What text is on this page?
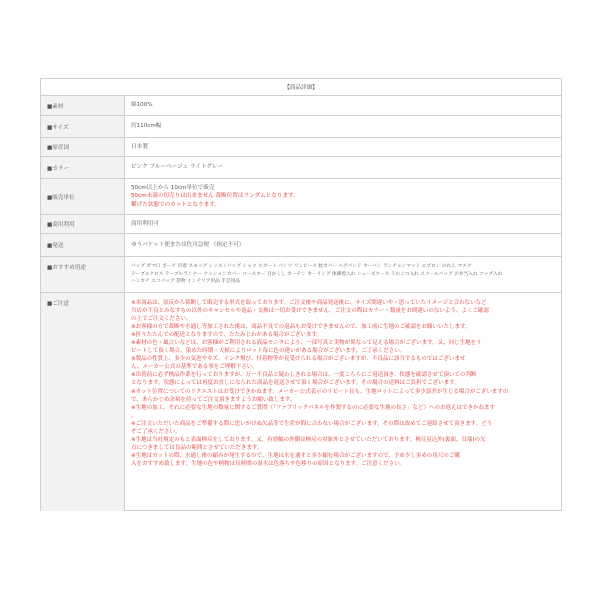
【商品詳細】
■素材	綿100%
■サイズ	約110cm幅
■原産国	日本製
■カラー	ピンク ブルーベージュ ライトグレー
■販売単位
50cm以上から 10cm単位で販売
50cm未満の切売りは出来ません 裁断位置はランダムとなります。
繋げた状態でのカットとなります。
■商用利用	商用利用可
■発送	ゆうパケット便または佐川急便 （指定不可）
■おすすめ用途	バッグ ガマ口 ポーチ 巾着 スモッグ レッスンバッグ シャツ スカート パンツ ワンピース 枕カバー ヘアバンド ターバン ランチョンマット エプロン のれん マスク
テーブルクロス テーブルランナー クッションカバー コースター 目かくし カーテン カーリング 体操着入れ シューズケース うわぐつ入れ スクールバッグ お弁当入れ コップ入れ
ハンカチ エコバッグ 袋物 インテリア用品 手芸用品
■ご注意	※本商品は、原反から裁断して販売する形式を取っております。ご注文後や商品発送後に、サイズ間違いや・思っていたイメージと合わないなど

当店が不良とみなすもの以外のキャンセルや返品・交換は一切お受けできません。ご注文の際はカラー・数量をお間違いのないよう、よくご確認

の上でご注文ください。

※お客様の方で裁断や水通し等加工された後は、商品不良での返品もお受けできませんので、加工前に生地のご確認をお願いいたします。

※折りたたんでの配送となりますので、たたみじわがある場合がございます。

※素材の色・風合いなどは、お客様がご利用される液晶モニタにより、一部写真と実物が異なって見える場合がございます。又、同じ生地をリ

ピートして頂く場合、染めた時期・天候によりロット毎に色の違いがある場合がございます。ご了承ください。

※製品の性質上、多少の気泡やキズ、インク飛び、付着物等が見受けられる場合がございますが、不良品に該当するものではございませ

ん。メーカー公式の基準である事をご理解下さい。

※出荷前に必ず検品作業を行っておりますが、万一不良品と疑わしきれる場合は、一度こちらにご返送頂き、状態を確認させて頂いての判断

となります。状態によっては再度お直しになられた商品を返送させて頂く場合がございます。その場合の送料はご負担でございます。

※カット位置についてのリクエストはお受けできかねます。メーカー公式表示のリピート長も、生地ロットによって多少誤差が生じる場合がございますの

で、あらかじめ余裕を持ってご注文頂きますようお願い致します。

※生地の加工、それに必要な生地の数量に関するご質問（「ファブリックパネルを作製するのに必要な生地の長さ」など）へのお返えはできかねます

。

※ご注文いただいた商品をご準備する際に思いがけぬ欠品等で生産が間に合わない場合がございます。その際は改めてご連絡させて頂きます。どう

ぞご了承ください。

※生地は当社規定のもと表面検反をしております。又、有効幅の外側は検反の対象外とさせていただいております。検反見込外(裏面、耳端)の欠

点につきましては良品の範囲とさせていただきます。

※生地はカットの際、水通し後の縮みが発生するので、生地は水を通すと多少縮む場合がございますので、予め少し多めの用尺のご購

入をおすすめ致します。生地の色や柄物は長時間の湿水は色落ちや色移りの原因となります。ご注意ください。
